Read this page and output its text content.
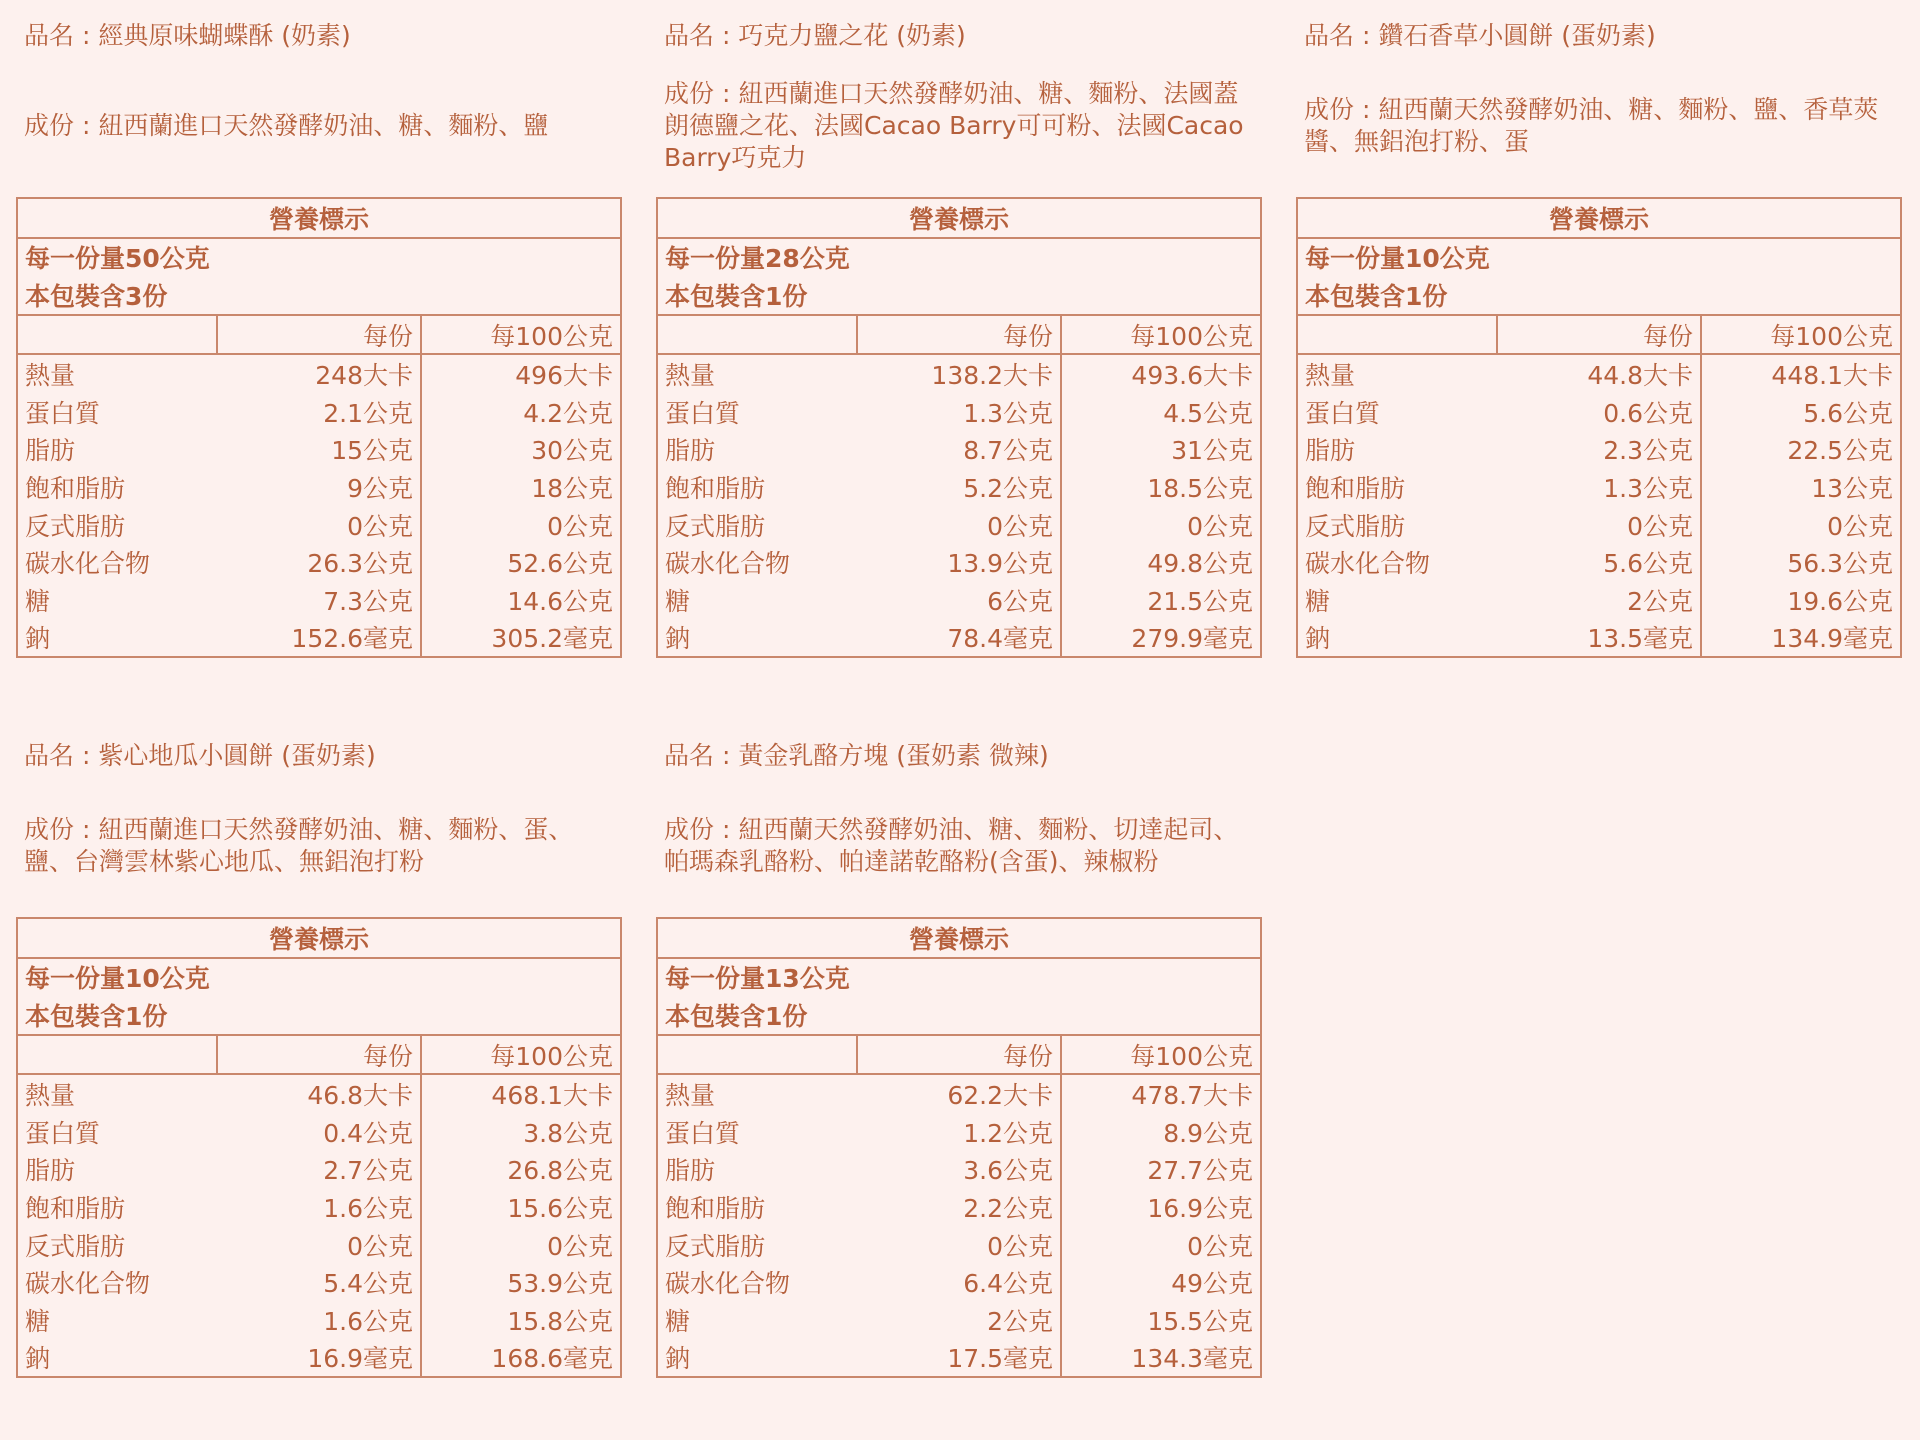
品名 : 經典原味蝴蝶酥 (奶素)
成份 : 紐西蘭進口天然發酵奶油、糖、麵粉、鹽
營養標示		
每一份量50公克		
本包裝含3份		
	每份	每100公克
熱量	248大卡	496大卡
蛋白質	2.1公克	4.2公克
脂肪	15公克	30公克
飽和脂肪	9公克	18公克
反式脂肪	0公克	0公克
碳水化合物	26.3公克	52.6公克
糖	7.3公克	14.6公克
鈉	152.6毫克	305.2毫克
品名 : 巧克力鹽之花 (奶素)
成份 : 紐西蘭進口天然發酵奶油、糖、麵粉、法國蓋朗德鹽之花、法國Cacao Barry可可粉、法國Cacao Barry巧克力
營養標示		
每一份量28公克		
本包裝含1份		
	每份	每100公克
熱量	138.2大卡	493.6大卡
蛋白質	1.3公克	4.5公克
脂肪	8.7公克	31公克
飽和脂肪	5.2公克	18.5公克
反式脂肪	0公克	0公克
碳水化合物	13.9公克	49.8公克
糖	6公克	21.5公克
鈉	78.4毫克	279.9毫克
品名 : 鑽石香草小圓餅 (蛋奶素)
成份 : 紐西蘭天然發酵奶油、糖、麵粉、鹽、香草莢醬、無鋁泡打粉、蛋
營養標示		
每一份量10公克		
本包裝含1份		
	每份	每100公克
熱量	44.8大卡	448.1大卡
蛋白質	0.6公克	5.6公克
脂肪	2.3公克	22.5公克
飽和脂肪	1.3公克	13公克
反式脂肪	0公克	0公克
碳水化合物	5.6公克	56.3公克
糖	2公克	19.6公克
鈉	13.5毫克	134.9毫克
品名 : 紫心地瓜小圓餅 (蛋奶素)
成份 : 紐西蘭進口天然發酵奶油、糖、麵粉、蛋、鹽、台灣雲林紫心地瓜、無鋁泡打粉
營養標示		
每一份量10公克		
本包裝含1份		
	每份	每100公克
熱量	46.8大卡	468.1大卡
蛋白質	0.4公克	3.8公克
脂肪	2.7公克	26.8公克
飽和脂肪	1.6公克	15.6公克
反式脂肪	0公克	0公克
碳水化合物	5.4公克	53.9公克
糖	1.6公克	15.8公克
鈉	16.9毫克	168.6毫克
品名 : 黃金乳酪方塊 (蛋奶素 微辣)
成份 : 紐西蘭天然發酵奶油、糖、麵粉、切達起司、帕瑪森乳酪粉、帕達諾乾酪粉(含蛋)、辣椒粉
營養標示		
每一份量13公克		
本包裝含1份		
	每份	每100公克
熱量	62.2大卡	478.7大卡
蛋白質	1.2公克	8.9公克
脂肪	3.6公克	27.7公克
飽和脂肪	2.2公克	16.9公克
反式脂肪	0公克	0公克
碳水化合物	6.4公克	49公克
糖	2公克	15.5公克
鈉	17.5毫克	134.3毫克
